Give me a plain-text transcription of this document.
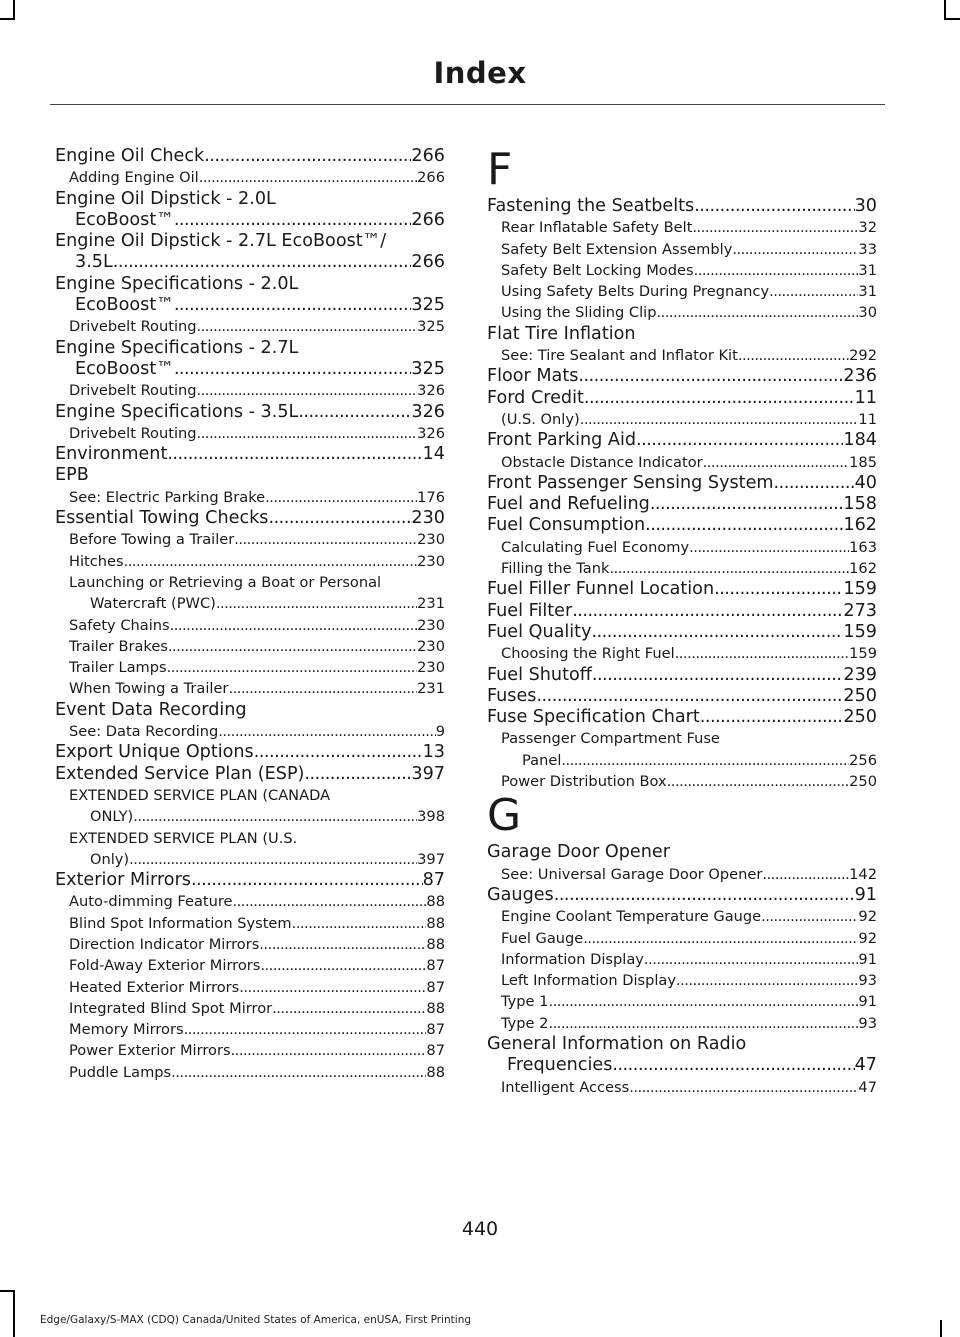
Index
Engine Oil Check .....	266
Adding Engine Oil .....	266
Engine Oil Dipstick - 2.0L
EcoBoost™ .....	266
Engine Oil Dipstick - 2.7L EcoBoost™/
3.5L .....	266
Engine Specifications - 2.0L
EcoBoost™ .....	325
Drivebelt Routing .....	325
Engine Specifications - 2.7L
EcoBoost™ .....	325
Drivebelt Routing .....	326
Engine Specifications - 3.5L .....	326
Drivebelt Routing .....	326
Environment .....	14
EPB
See: Electric Parking Brake .....	176
Essential Towing Checks .....	230
Before Towing a Trailer .....	230
Hitches .....	230
Launching or Retrieving a Boat or Personal
Watercraft (PWC) .....	231
Safety Chains .....	230
Trailer Brakes .....	230
Trailer Lamps .....	230
When Towing a Trailer .....	231
Event Data Recording
See: Data Recording .....	9
Export Unique Options .....	13
Extended Service Plan (ESP) .....	397
EXTENDED SERVICE PLAN (CANADA
ONLY) .....	398
EXTENDED SERVICE PLAN (U.S.
Only) .....	397
Exterior Mirrors .....	87
Auto-dimming Feature .....	88
Blind Spot Information System .....	88
Direction Indicator Mirrors .....	88
Fold-Away Exterior Mirrors .....	87
Heated Exterior Mirrors .....	87
Integrated Blind Spot Mirror .....	88
Memory Mirrors .....	87
Power Exterior Mirrors .....	87
Puddle Lamps .....	88
F
Fastening the Seatbelts .....	30
Rear Inflatable Safety Belt .....	32
Safety Belt Extension Assembly .....	33
Safety Belt Locking Modes .....	31
Using Safety Belts During Pregnancy .....	31
Using the Sliding Clip .....	30
Flat Tire Inflation
See: Tire Sealant and Inflator Kit .....	292
Floor Mats .....	236
Ford Credit .....	11
(U.S. Only) .....	11
Front Parking Aid .....	184
Obstacle Distance Indicator .....	185
Front Passenger Sensing System .....	40
Fuel and Refueling .....	158
Fuel Consumption .....	162
Calculating Fuel Economy .....	163
Filling the Tank .....	162
Fuel Filler Funnel Location .....	159
Fuel Filter .....	273
Fuel Quality .....	159
Choosing the Right Fuel .....	159
Fuel Shutoff .....	239
Fuses .....	250
Fuse Specification Chart .....	250
Passenger Compartment Fuse
Panel .....	256
Power Distribution Box .....	250
G
Garage Door Opener
See: Universal Garage Door Opener .....	142
Gauges .....	91
Engine Coolant Temperature Gauge .....	92
Fuel Gauge .....	92
Information Display .....	91
Left Information Display .....	93
Type 1 .....	91
Type 2 .....	93
General Information on Radio
Frequencies .....	47
Intelligent Access .....	47
440
Edge/Galaxy/S-MAX (CDQ) Canada/United States of America, enUSA, First Printing
